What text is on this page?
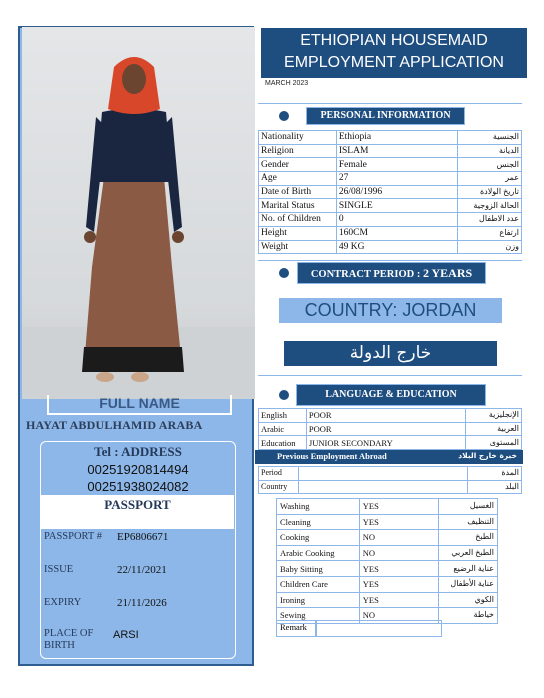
FULL NAME
HAYAT ABDULHAMID ARABA
Tel : ADDRESS
00251920814494
00251938024082
PASSPORT
PASSPORT # EP6806671
ISSUE	22/11/2021
EXPIRY	21/11/2026
PLACE OF BIRTH
ARSI
ETHIOPIAN HOUSEMAID
EMPLOYMENT APPLICATION
MARCH 2023
PERSONAL INFORMATION
Nationality	Ethiopia	الجنسية
Religion	ISLAM	الديانة
Gender	Female	الجنس
Age	27	عمر
Date of Birth	26/08/1996	تاريخ الولادة
Marital Status	SINGLE	الحالة الزوجية
No. of Children	0	عدد الاطفال
Height	160CM	ارتفاع
Weight	49 KG	وزن
CONTRACT PERIOD : 2 YEARS
COUNTRY: JORDAN
خارج الدولة
LANGUAGE & EDUCATION
English	POOR	الإنجليزية
Arabic	POOR	العربية
Education	JUNIOR SECONDARY	المستوى
Previous Employment Abroad	خبرة خارج البلاد
Period		المدة
Country		البلد
Washing	YES	الغسيل
Cleaning	YES	التنظيف
Cooking	NO	الطبخ
Arabic Cooking	NO	الطبخ العربي
Baby Sitting	YES	عناية الرضيع
Children Care	YES	عناية الأطفال
Ironing	YES	الكوي
Sewing	NO	خياطة
Remark
